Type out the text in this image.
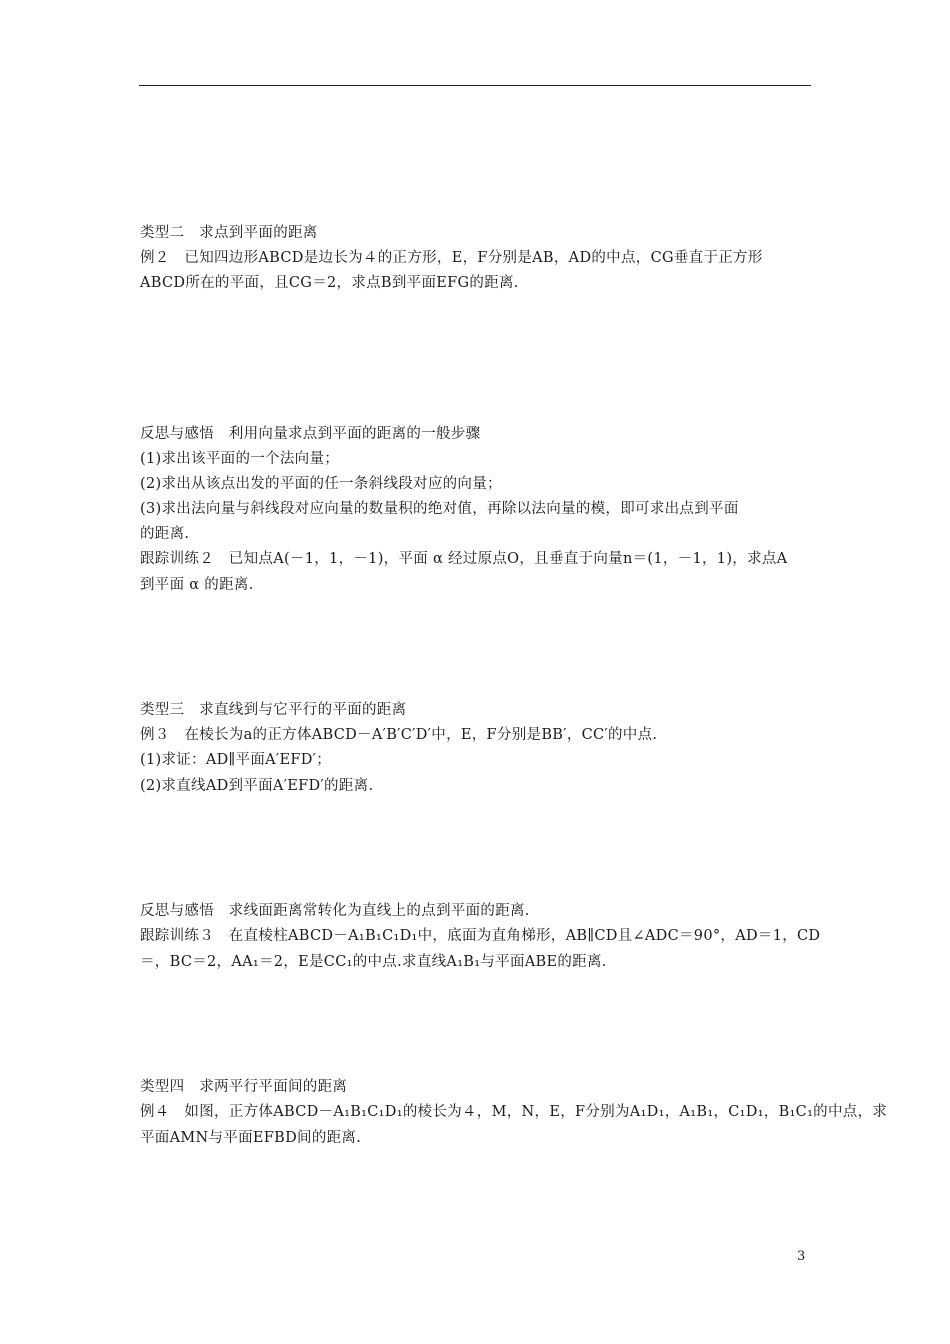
类型二　求点到平面的距离
例２　已知四边形ABCD是边长为４的正方形，E，F分别是AB，AD的中点，CG垂直于正方形
ABCD所在的平面，且CG＝2，求点B到平面EFG的距离.
反思与感悟　利用向量求点到平面的距离的一般步骤
(1)求出该平面的一个法向量；
(2)求出从该点出发的平面的任一条斜线段对应的向量；
(3)求出法向量与斜线段对应向量的数量积的绝对值，再除以法向量的模，即可求出点到平面
的距离.
跟踪训练２　已知点A(－1，1，－1)，平面 α 经过原点O，且垂直于向量n＝(1，－1，1)，求点A
到平面 α 的距离.
类型三　求直线到与它平行的平面的距离
例３　在棱长为a的正方体ABCD－A′B′C′D′中，E，F分别是BB′，CC′的中点.
(1)求证：AD∥平面A′EFD′；
(2)求直线AD到平面A′EFD′的距离.
反思与感悟　求线面距离常转化为直线上的点到平面的距离.
跟踪训练３　在直棱柱ABCD－A₁B₁C₁D₁中，底面为直角梯形，AB∥CD且∠ADC＝90°，AD＝1，CD
＝，BC＝2，AA₁＝2，E是CC₁的中点.求直线A₁B₁与平面ABE的距离.
类型四　求两平行平面间的距离
例４　如图，正方体ABCD－A₁B₁C₁D₁的棱长为４，M，N，E，F分别为A₁D₁，A₁B₁，C₁D₁，B₁C₁的中点，求
平面AMN与平面EFBD间的距离.
3
